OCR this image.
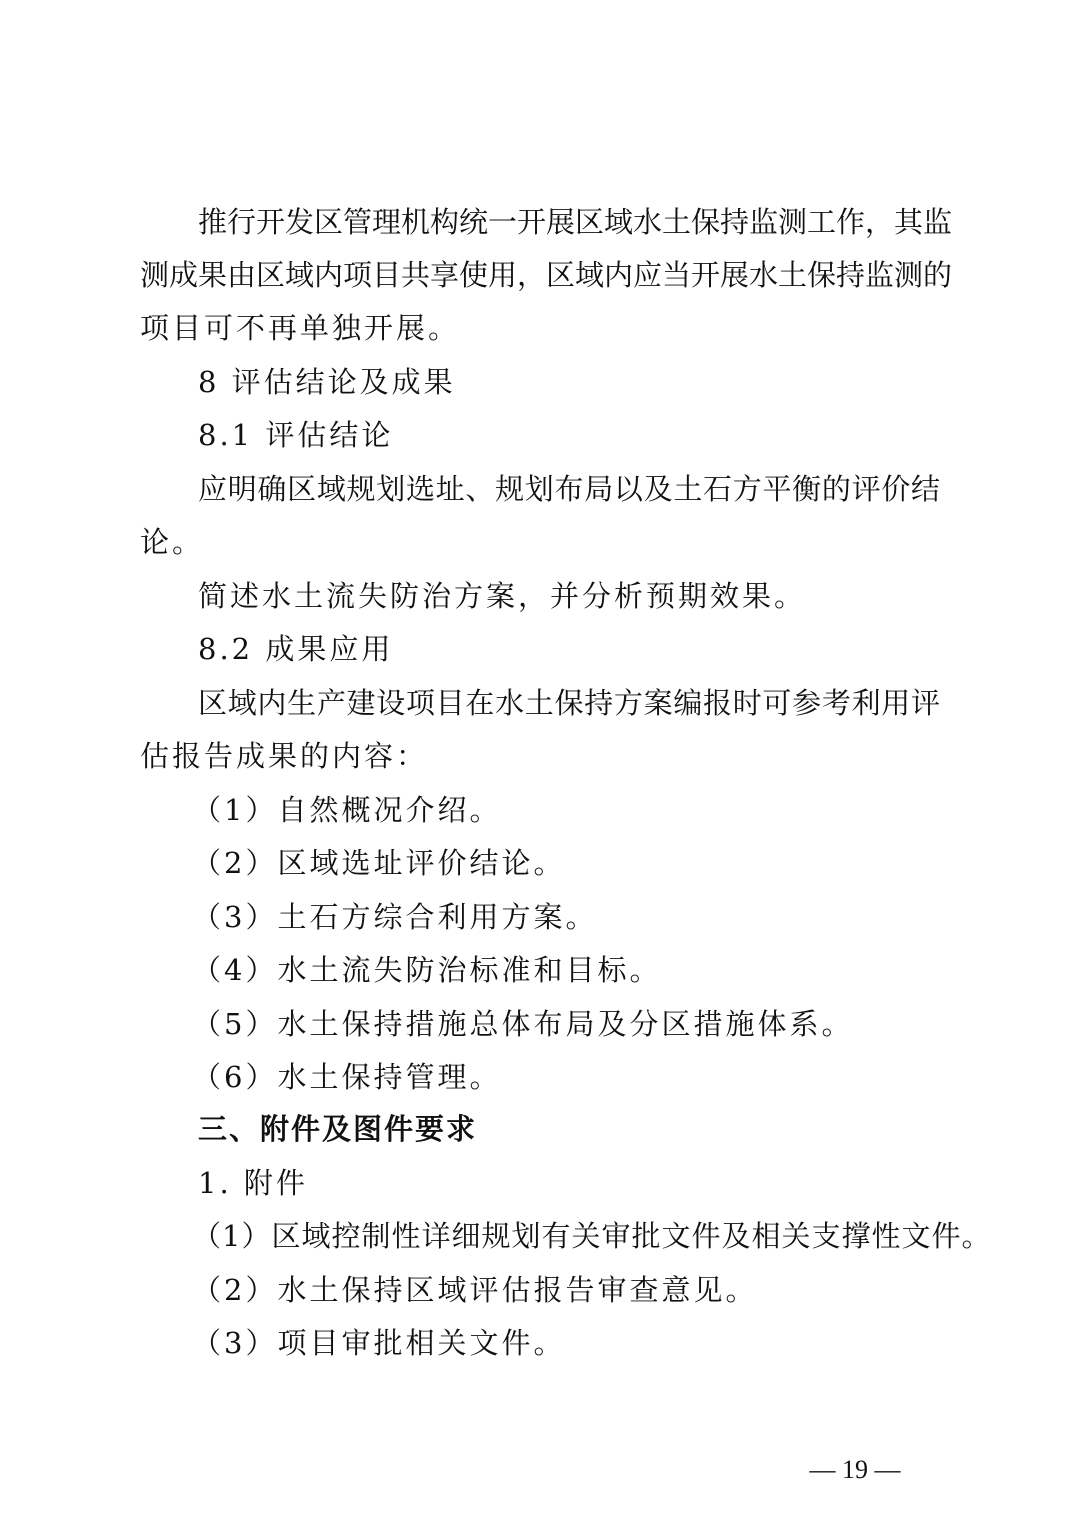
推行开发区管理机构统一开展区域水土保持监测工作，其监

测成果由区域内项目共享使用，区域内应当开展水土保持监测的

项目可不再单独开展。

8 评估结论及成果

8.1 评估结论

应明确区域规划选址、规划布局以及土石方平衡的评价结

论。

简述水土流失防治方案，并分析预期效果。

8.2 成果应用

区域内生产建设项目在水土保持方案编报时可参考利用评

估报告成果的内容：

（1）自然概况介绍。

（2）区域选址评价结论。

（3）土石方综合利用方案。

（4）水土流失防治标准和目标。

（5）水土保持措施总体布局及分区措施体系。

（6）水土保持管理。

三、附件及图件要求

1. 附件

（1）区域控制性详细规划有关审批文件及相关支撑性文件。

（2）水土保持区域评估报告审查意见。

（3）项目审批相关文件。

— 19 —
